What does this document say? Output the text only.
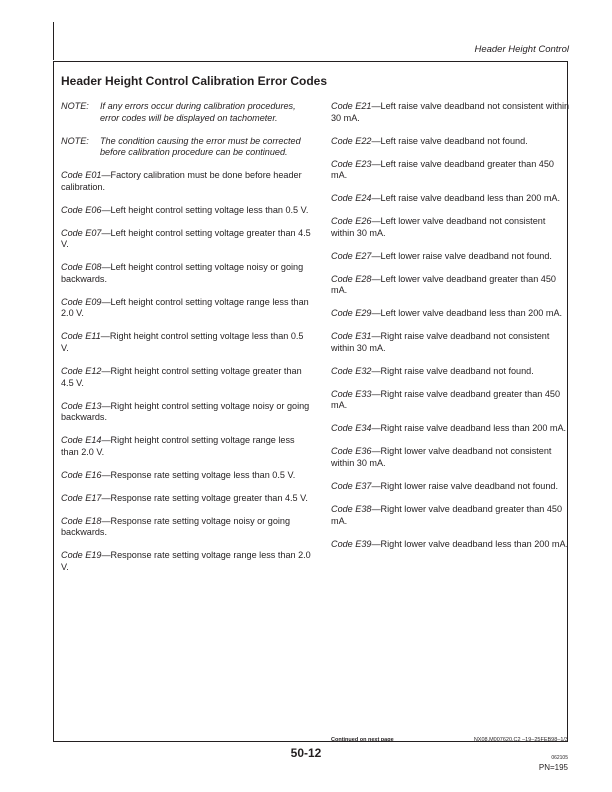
Header Height Control
Header Height Control Calibration Error Codes
NOTE:	If any errors occur during calibration procedures, error codes will be displayed on tachometer.
NOTE:	The condition causing the error must be corrected before calibration procedure can be continued.
Code E01—Factory calibration must be done before header calibration.
Code E06—Left height control setting voltage less than 0.5 V.
Code E07—Left height control setting voltage greater than 4.5 V.
Code E08—Left height control setting voltage noisy or going backwards.
Code E09—Left height control setting voltage range less than 2.0 V.
Code E11—Right height control setting voltage less than 0.5 V.
Code E12—Right height control setting voltage greater than 4.5 V.
Code E13—Right height control setting voltage noisy or going backwards.
Code E14—Right height control setting voltage range less than 2.0 V.
Code E16—Response rate setting voltage less than 0.5 V.
Code E17—Response rate setting voltage greater than 4.5 V.
Code E18—Response rate setting voltage noisy or going backwards.
Code E19—Response rate setting voltage range less than 2.0 V.
Code E21—Left raise valve deadband not consistent within 30 mA.
Code E22—Left raise valve deadband not found.
Code E23—Left raise valve deadband greater than 450 mA.
Code E24—Left raise valve deadband less than 200 mA.
Code E26—Left lower valve deadband not consistent within 30 mA.
Code E27—Left lower raise valve deadband not found.
Code E28—Left lower valve deadband greater than 450 mA.
Code E29—Left lower valve deadband less than 200 mA.
Code E31—Right raise valve deadband not consistent within 30 mA.
Code E32—Right raise valve deadband not found.
Code E33—Right raise valve deadband greater than 450 mA.
Code E34—Right raise valve deadband less than 200 mA.
Code E36—Right lower valve deadband not consistent within 30 mA.
Code E37—Right lower raise valve deadband not found.
Code E38—Right lower valve deadband greater than 450 mA.
Code E39—Right lower valve deadband less than 200 mA.
Continued on next page	NX08,M007620,C2 –19–25FEB98–1/3
50-12	062105
PN=195
